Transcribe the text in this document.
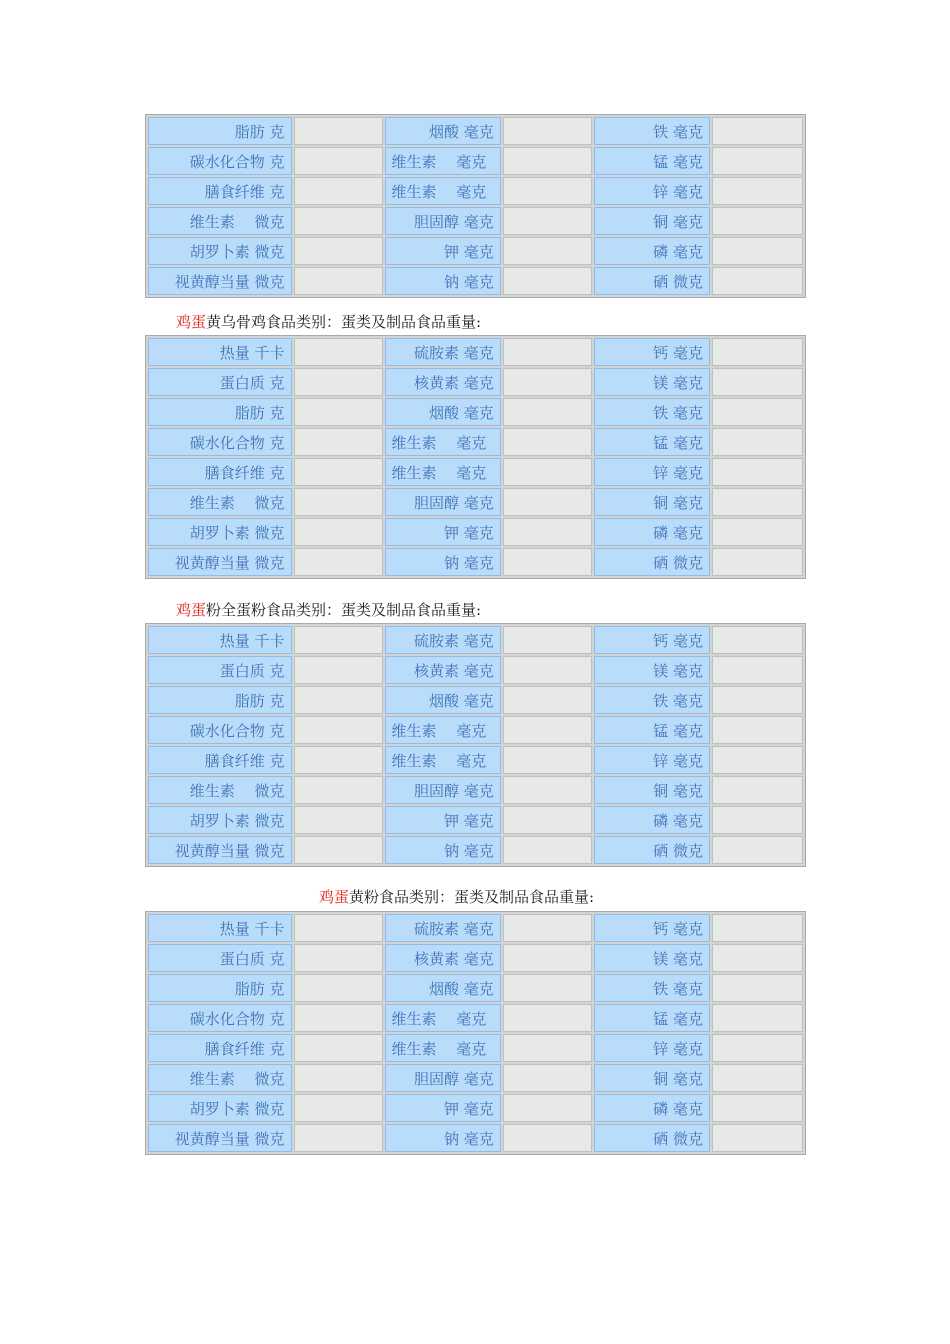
脂肪 克		烟酸 毫克		铁 毫克	
碳水化合物 克		维生素　 毫克		锰 毫克	
膳食纤维 克		维生素　 毫克		锌 毫克	
维生素　 微克		胆固醇 毫克		铜 毫克	
胡罗卜素 微克		钾 毫克		磷 毫克	
视黄醇当量 微克		钠 毫克		硒 微克	
鸡蛋黄乌骨鸡食品类别：蛋类及制品食品重量:
热量 千卡		硫胺素 毫克		钙 毫克	
蛋白质 克		核黄素 毫克		镁 毫克	
脂肪 克		烟酸 毫克		铁 毫克	
碳水化合物 克		维生素　 毫克		锰 毫克	
膳食纤维 克		维生素　 毫克		锌 毫克	
维生素　 微克		胆固醇 毫克		铜 毫克	
胡罗卜素 微克		钾 毫克		磷 毫克	
视黄醇当量 微克		钠 毫克		硒 微克	
鸡蛋粉全蛋粉食品类别：蛋类及制品食品重量:
热量 千卡		硫胺素 毫克		钙 毫克	
蛋白质 克		核黄素 毫克		镁 毫克	
脂肪 克		烟酸 毫克		铁 毫克	
碳水化合物 克		维生素　 毫克		锰 毫克	
膳食纤维 克		维生素　 毫克		锌 毫克	
维生素　 微克		胆固醇 毫克		铜 毫克	
胡罗卜素 微克		钾 毫克		磷 毫克	
视黄醇当量 微克		钠 毫克		硒 微克	
鸡蛋黄粉食品类别：蛋类及制品食品重量:
热量 千卡		硫胺素 毫克		钙 毫克	
蛋白质 克		核黄素 毫克		镁 毫克	
脂肪 克		烟酸 毫克		铁 毫克	
碳水化合物 克		维生素　 毫克		锰 毫克	
膳食纤维 克		维生素　 毫克		锌 毫克	
维生素　 微克		胆固醇 毫克		铜 毫克	
胡罗卜素 微克		钾 毫克		磷 毫克	
视黄醇当量 微克		钠 毫克		硒 微克	
